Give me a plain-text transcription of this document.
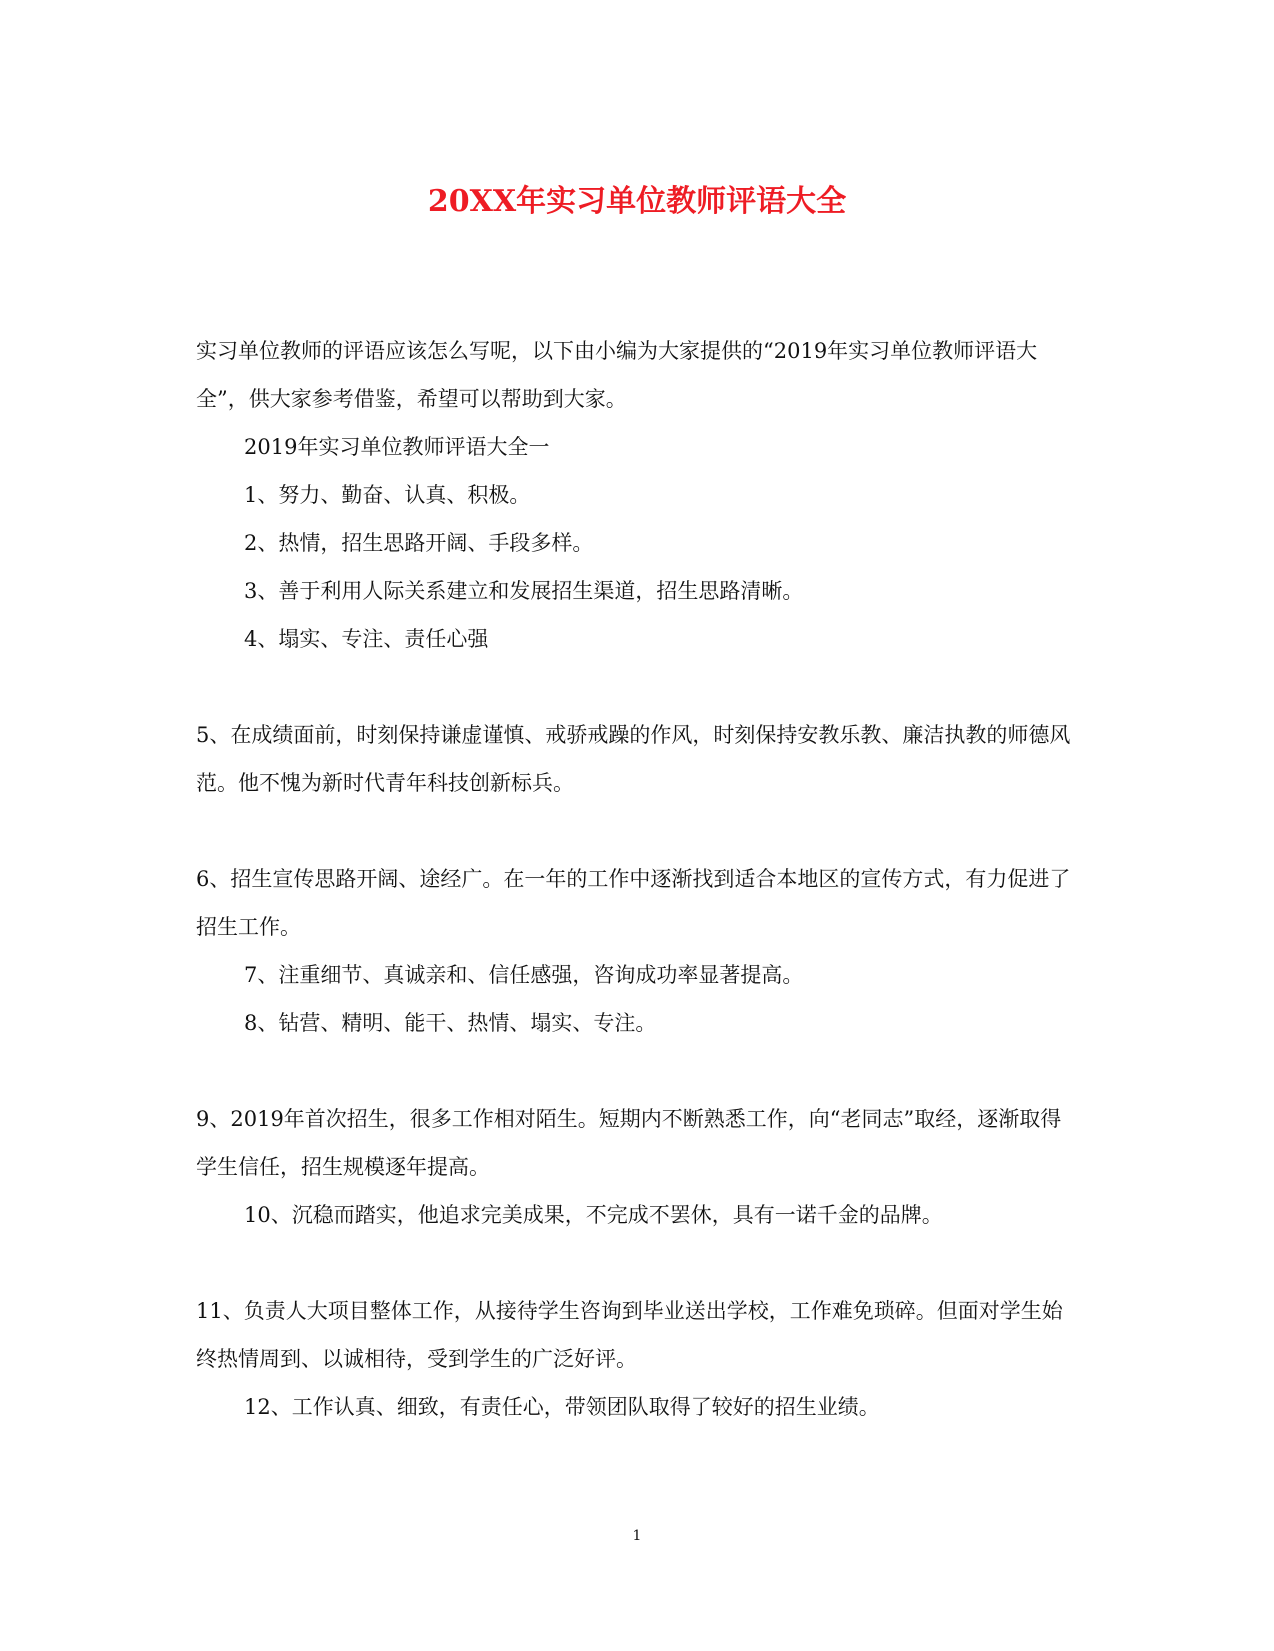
20XX年实习单位教师评语大全

实习单位教师的评语应该怎么写呢，以下由小编为大家提供的“2019年实习单位教师评语大全”，供大家参考借鉴，希望可以帮助到大家。

2019年实习单位教师评语大全一

1、努力、勤奋、认真、积极。

2、热情，招生思路开阔、手段多样。

3、善于利用人际关系建立和发展招生渠道，招生思路清晰。

4、塌实、专注、责任心强

5、在成绩面前，时刻保持谦虚谨慎、戒骄戒躁的作风，时刻保持安教乐教、廉洁执教的师德风范。他不愧为新时代青年科技创新标兵。

6、招生宣传思路开阔、途经广。在一年的工作中逐渐找到适合本地区的宣传方式，有力促进了招生工作。

7、注重细节、真诚亲和、信任感强，咨询成功率显著提高。

8、钻营、精明、能干、热情、塌实、专注。

9、2019年首次招生，很多工作相对陌生。短期内不断熟悉工作，向“老同志”取经，逐渐取得学生信任，招生规模逐年提高。

10、沉稳而踏实，他追求完美成果，不完成不罢休，具有一诺千金的品牌。

11、负责人大项目整体工作，从接待学生咨询到毕业送出学校，工作难免琐碎。但面对学生始终热情周到、以诚相待，受到学生的广泛好评。

12、工作认真、细致，有责任心，带领团队取得了较好的招生业绩。

1
